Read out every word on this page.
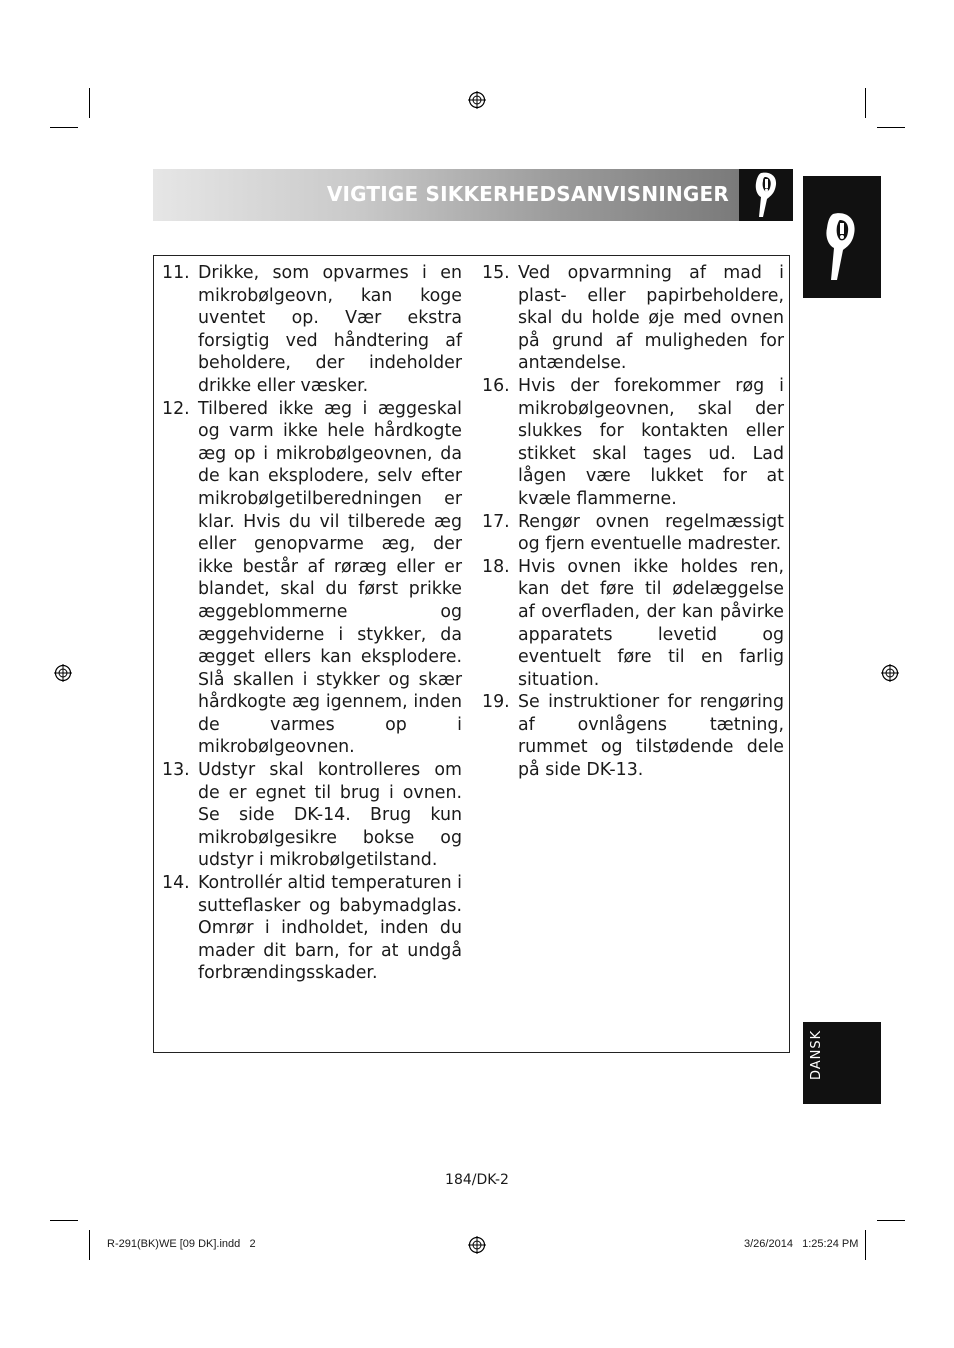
VIGTIGE SIKKERHEDSANVISNINGER
DANSK
11. Drikke, som opvarmes i en mikrobølgeovn, kan koge uventet op. Vær ekstra forsigtig ved håndtering af beholdere, der indeholder drikke eller væsker.
12. Tilbered ikke æg i æggeskal og varm ikke hele hårdkogte æg op i mikrobølgeovnen, da de kan eksplodere, selv efter mikrobølgetilberedningen er klar. Hvis du vil tilberede æg eller genopvarme æg, der ikke består af røræg eller er blandet, skal du først prikke æggeblommerne og æggehviderne i stykker, da ægget ellers kan eksplodere. Slå skallen i stykker og skær hårdkogte æg igennem, inden de varmes op i mikrobølgeovnen.
13. Udstyr skal kontrolleres om de er egnet til brug i ovnen. Se side DK-14. Brug kun mikrobølgesikre bokse og udstyr i mikrobølgetilstand.
14. Kontrollér altid temperaturen i sutteflasker og babymadglas. Omrør i indholdet, inden du mader dit barn, for at undgå forbrændingsskader.
15. Ved opvarmning af mad i plast- eller papirbeholdere, skal du holde øje med ovnen på grund af muligheden for antændelse.
16. Hvis der forekommer røg i mikrobølgeovnen, skal der slukkes for kontakten eller stikket skal tages ud. Lad lågen være lukket for at kvæle flammerne.
17. Rengør ovnen regelmæssigt og fjern eventuelle madrester.
18. Hvis ovnen ikke holdes ren, kan det føre til ødelæggelse af overfladen, der kan påvirke apparatets levetid og eventuelt føre til en farlig situation.
19. Se instruktioner for rengøring af ovnlågens tætning, rummet og tilstødende dele på side DK-13.
184/DK-2
R-291(BK)WE [09 DK].indd   2	3/26/2014   1:25:24 PM
